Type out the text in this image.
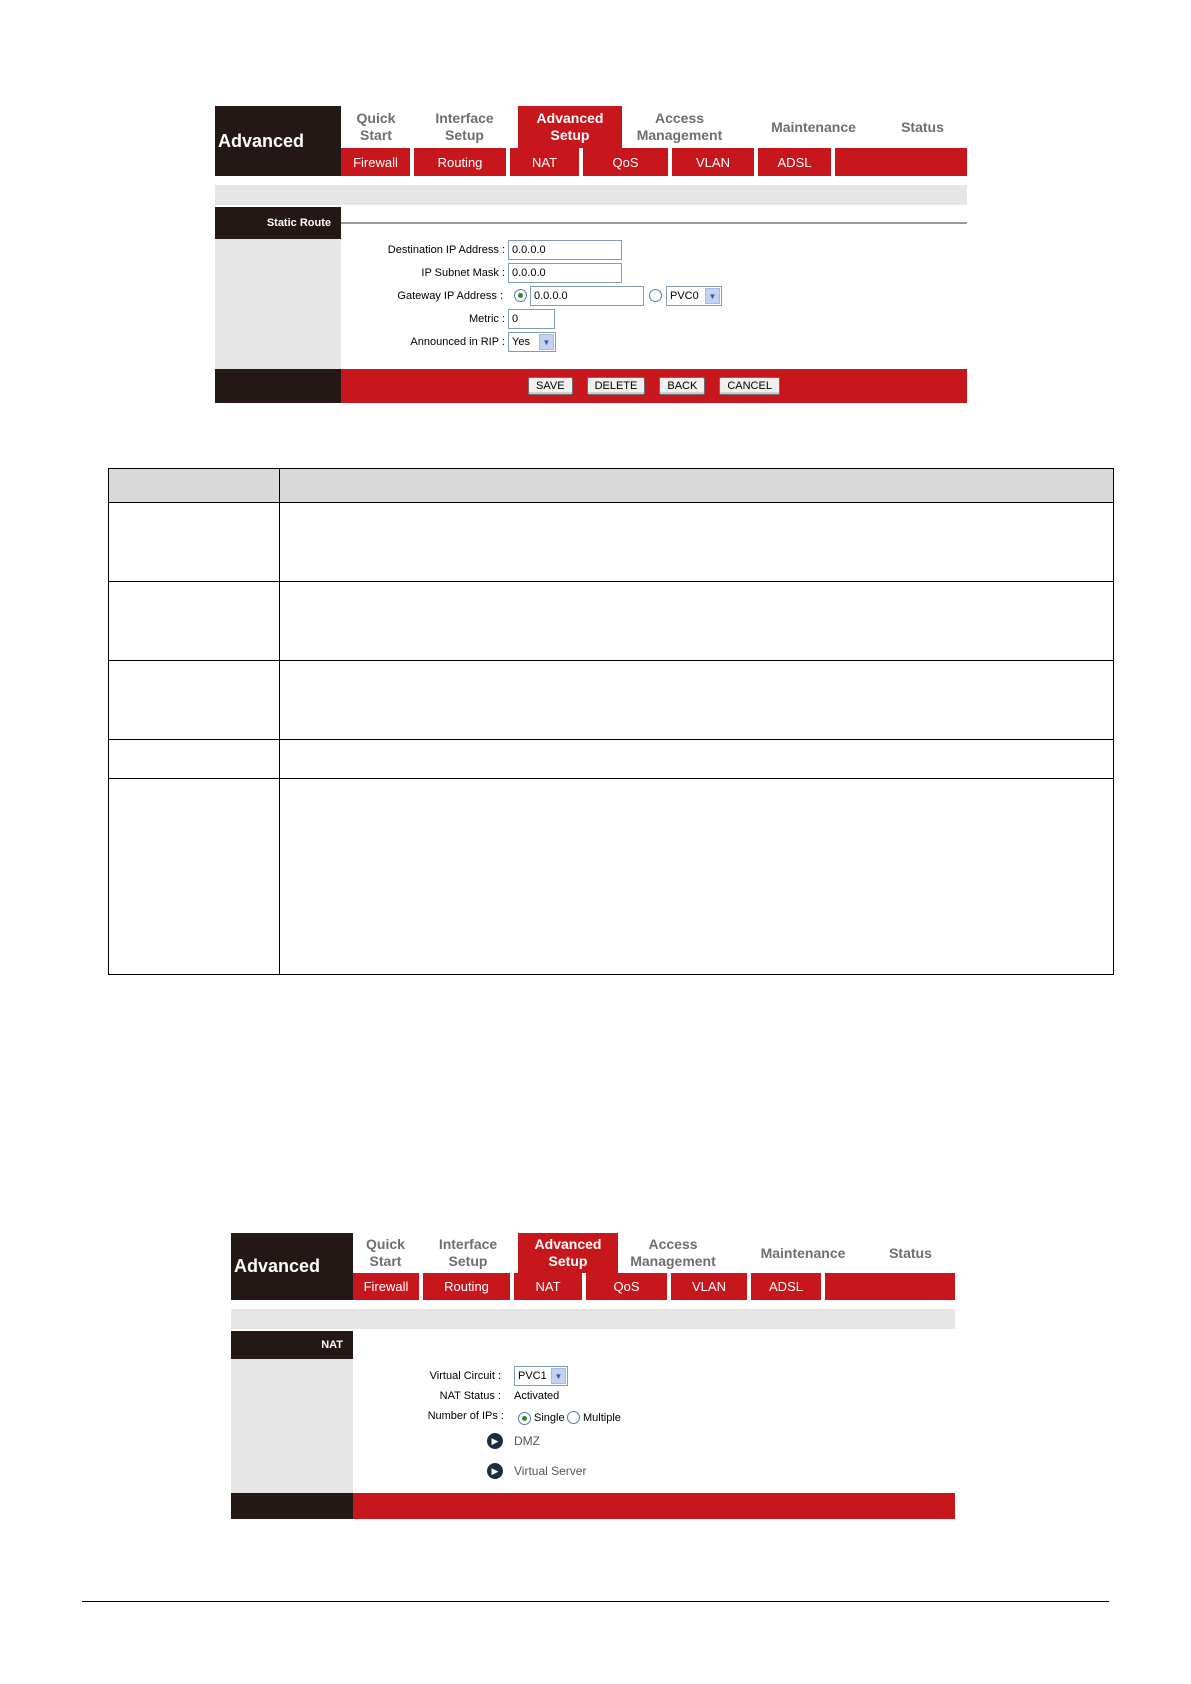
Advanced
Quick
Start
Interface
Setup
Advanced
Setup
Access
Management
Maintenance	Status
Firewall	Routing	NAT	QoS	VLAN	ADSL
Static Route
Destination IP Address : 0.0.0.0
IP Subnet Mask : 0.0.0.0
Gateway IP Address :	0.0.0.0	PVC0	▼
Metric : 0
Announced in RIP : Yes	▼
SAVE	DELETE	BACK	CANCEL

Advanced
Quick
Start
Interface
Setup
Advanced
Setup
Access
Management
Maintenance	Status
Firewall	Routing	NAT	QoS	VLAN	ADSL
NAT
Virtual Circuit : PVC1 ▼
NAT Status : Activated
Number of IPs :	Single Multiple
▶	DMZ
▶	Virtual Server
